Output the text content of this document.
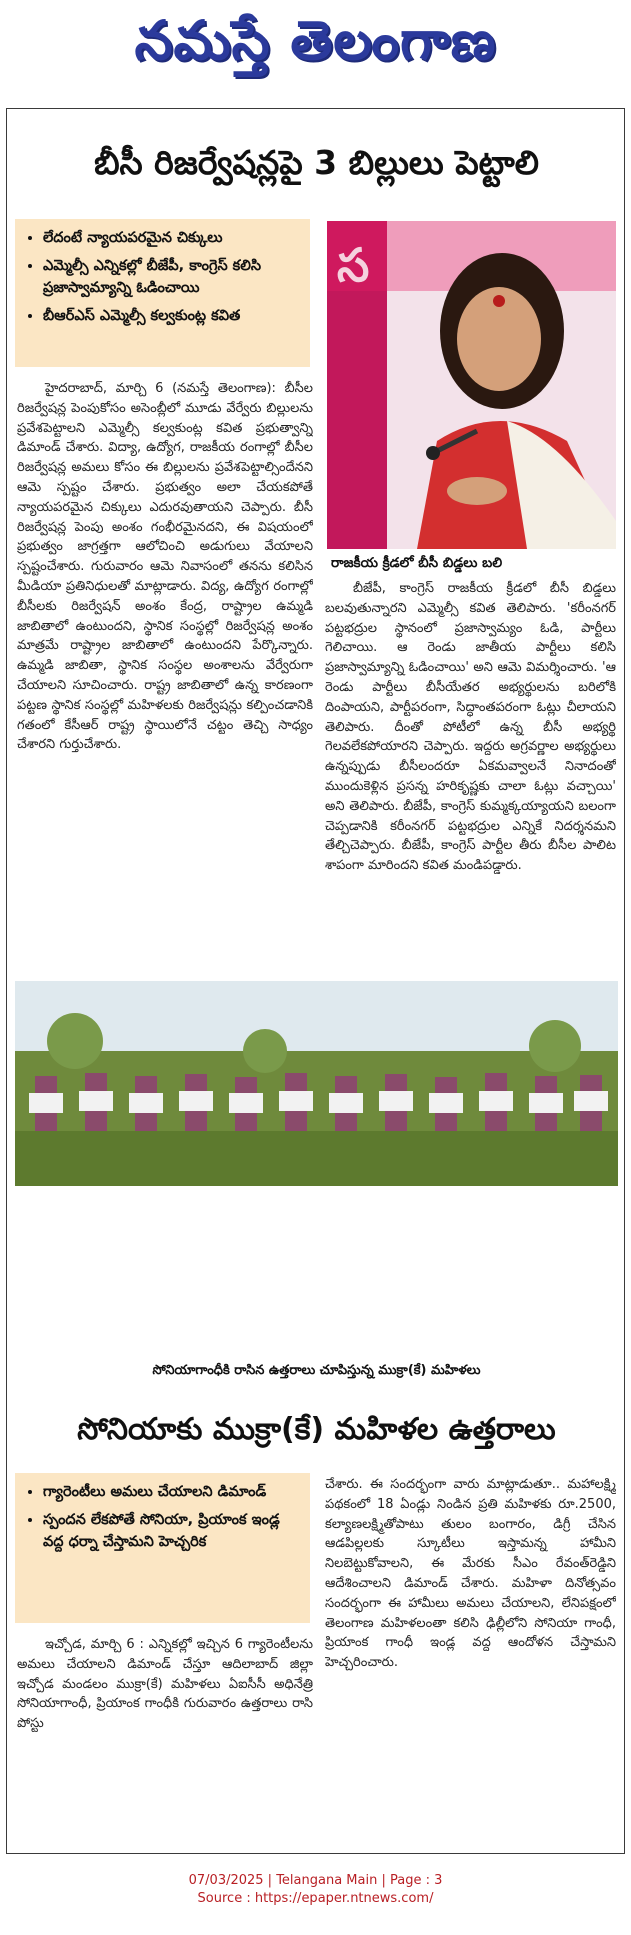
నమస్తే తెలంగాణ
బీసీ రిజర్వేషన్లపై 3 బిల్లులు పెట్టాలి
• లేదంటే న్యాయపరమైన చిక్కులు
• ఎమ్మెల్సీ ఎన్నికల్లో బీజేపీ, కాంగ్రెస్ కలిసి ప్రజాస్వామ్యాన్ని ఓడించాయి
• బీఆర్ఎస్ ఎమ్మెల్సీ కల్వకుంట్ల కవిత
స
రాజకీయ క్రీడలో బీసీ బిడ్డలు బలి

హైదరాబాద్, మార్చి 6 (నమస్తే తెలంగాణ): బీసీల రిజర్వేషన్ల పెంపుకోసం అసెంబ్లీలో మూడు వేర్వేరు బిల్లులను ప్రవేశపెట్టాలని ఎమ్మెల్సీ కల్వకుంట్ల కవిత ప్రభుత్వాన్ని డిమాండ్ చేశారు. విద్యా, ఉద్యోగ, రాజకీయ రంగాల్లో బీసీల రిజర్వేషన్ల అమలు కోసం ఈ బిల్లులను ప్రవేశపెట్టాల్సిందేనని ఆమె స్పష్టం చేశారు. ప్రభుత్వం అలా చేయకపోతే న్యాయపరమైన చిక్కులు ఎదురవుతాయని చెప్పారు. బీసీ రిజర్వేషన్ల పెంపు అంశం గంభీరమైనదని, ఈ విషయంలో ప్రభుత్వం జాగ్రత్తగా ఆలోచించి అడుగులు వేయాలని స్పష్టంచేశారు. గురువారం ఆమె నివాసంలో తనను కలిసిన మీడియా ప్రతినిధులతో మాట్లాడారు. విద్య, ఉద్యోగ రంగాల్లో బీసీలకు రిజర్వేషన్ అంశం కేంద్ర, రాష్ట్రాల ఉమ్మడి జాబితాలో ఉంటుందని, స్థానిక సంస్థల్లో రిజర్వేషన్ల అంశం మాత్రమే రాష్ట్రాల జాబితాలో ఉంటుందని పేర్కొన్నారు. ఉమ్మడి జాబితా, స్థానిక సంస్థల అంశాలను వేర్వేరుగా చేయాలని సూచించారు. రాష్ట్ర జాబితాలో ఉన్న కారణంగా పట్టణ స్థానిక సంస్థల్లో మహిళలకు రిజర్వేషన్లు కల్పించడానికి గతంలో కేసీఆర్ రాష్ట్ర స్థాయిలోనే చట్టం తెచ్చి సాధ్యం చేశారని గుర్తుచేశారు.

బీజేపీ, కాంగ్రెస్ రాజకీయ క్రీడలో బీసీ బిడ్డలు బలవుతున్నారని ఎమ్మెల్సీ కవిత తెలిపారు. 'కరీంనగర్ పట్టభద్రుల స్థానంలో ప్రజాస్వామ్యం ఓడి, పార్టీలు గెలిచాయి. ఆ రెండు జాతీయ పార్టీలు కలిసి ప్రజాస్వామ్యాన్ని ఓడించాయి' అని ఆమె విమర్శించారు. 'ఆ రెండు పార్టీలు బీసీయేతర అభ్యర్థులను బరిలోకి దింపాయని, పార్టీపరంగా, సిద్ధాంతపరంగా ఓట్లు చీలాయని తెలిపారు. దీంతో పోటీలో ఉన్న బీసీ అభ్యర్థి గెలవలేకపోయారని చెప్పారు. ఇద్దరు అగ్రవర్ణాల అభ్యర్థులు ఉన్నప్పుడు బీసీలందరూ ఏకమవ్వాలనే నినాదంతో ముందుకెళ్లిన ప్రసన్న హరికృష్ణకు చాలా ఓట్లు వచ్చాయి' అని తెలిపారు. బీజేపీ, కాంగ్రెస్ కుమ్మక్కయ్యాయని బలంగా చెప్పడానికి కరీంనగర్ పట్టభద్రుల ఎన్నికే నిదర్శనమని తేల్చిచెప్పారు. బీజేపీ, కాంగ్రెస్ పార్టీల తీరు బీసీల పాలిట శాపంగా మారిందని కవిత మండిపడ్డారు.

సోనియాగాంధీకి రాసిన ఉత్తరాలు చూపిస్తున్న ముక్రా(కే) మహిళలు
సోనియాకు ముక్రా(కే) మహిళల ఉత్తరాలు
• గ్యారెంటీలు అమలు చేయాలని డిమాండ్
• స్పందన లేకపోతే సోనియా, ప్రియాంక ఇండ్ల వద్ద ధర్నా చేస్తామని హెచ్చరిక

ఇచ్చోడ, మార్చి 6 : ఎన్నికల్లో ఇచ్చిన 6 గ్యారెంటీలను అమలు చేయాలని డిమాండ్ చేస్తూ ఆదిలాబాద్ జిల్లా ఇచ్చోడ మండలం ముక్రా(కే) మహిళలు ఏఐసీసీ అధినేత్రి సోనియాగాంధీ, ప్రియాంక గాంధీకి గురువారం ఉత్తరాలు రాసి పోస్టు

చేశారు. ఈ సందర్భంగా వారు మాట్లాడుతూ.. మహాలక్ష్మి పథకంలో 18 ఏండ్లు నిండిన ప్రతి మహిళకు రూ.2500, కల్యాణలక్ష్మితోపాటు తులం బంగారం, డిగ్రీ చేసిన ఆడపిల్లలకు స్కూటీలు ఇస్తామన్న హామీని నిలబెట్టుకోవాలని, ఈ మేరకు సీఎం రేవంత్‌రెడ్డిని ఆదేశించాలని డిమాండ్ చేశారు. మహిళా దినోత్సవం సందర్భంగా ఈ హామీలు అమలు చేయాలని, లేనిపక్షంలో తెలంగాణ మహిళలంతా కలిసి ఢిల్లీలోని సోనియా గాంధీ, ప్రియాంక గాంధీ ఇండ్ల వద్ద ఆందోళన చేస్తామని హెచ్చరించారు.

07/03/2025 | Telangana Main | Page : 3
Source : https://epaper.ntnews.com/
